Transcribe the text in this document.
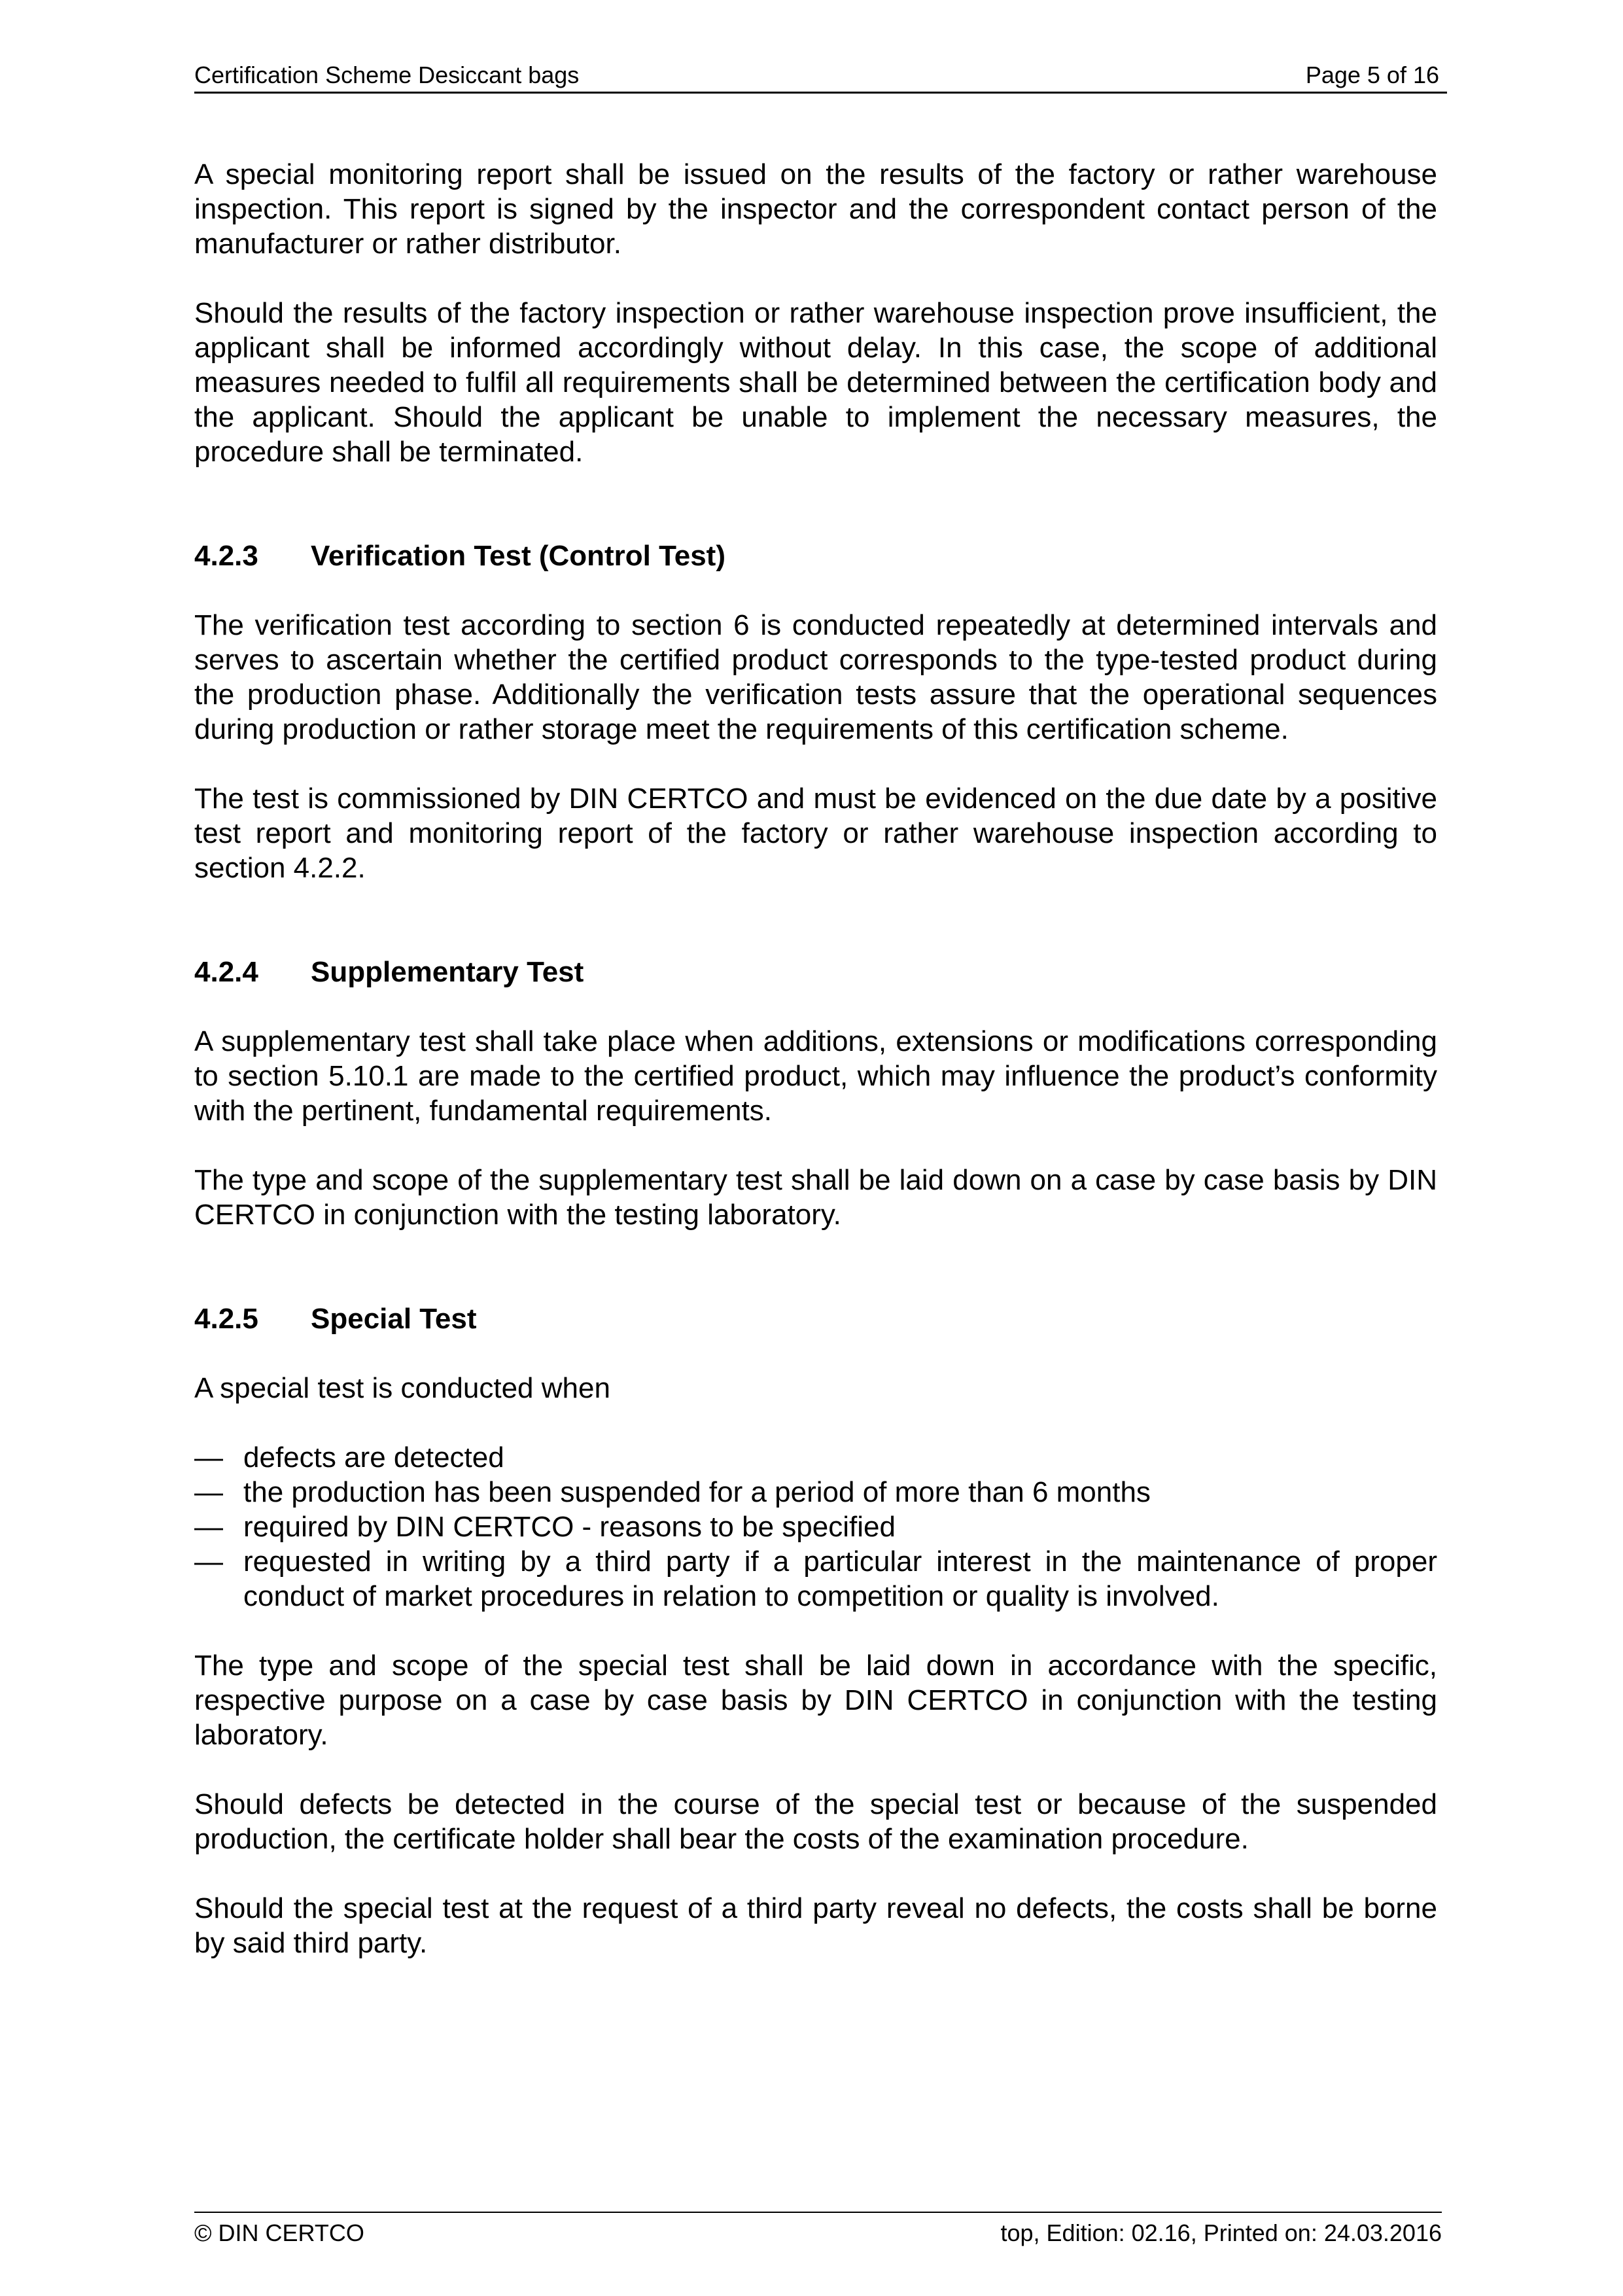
Certification Scheme Desiccant bags	Page 5 of 16

A special monitoring report shall be issued on the results of the factory or rather warehouse inspection. This report is signed by the inspector and the correspondent contact person of the manufacturer or rather distributor.

Should the results of the factory inspection or rather warehouse inspection prove insufficient, the applicant shall be informed accordingly without delay. In this case, the scope of additional measures needed to fulfil all requirements shall be determined between the certification body and the applicant. Should the applicant be unable to implement the necessary measures, the procedure shall be terminated.

4.2.3 Verification Test (Control Test)

The verification test according to section 6 is conducted repeatedly at determined intervals and serves to ascertain whether the certified product corresponds to the type-tested product during the production phase. Additionally the verification tests assure that the operational sequences during production or rather storage meet the requirements of this certification scheme.

The test is commissioned by DIN CERTCO and must be evidenced on the due date by a positive test report and monitoring report of the factory or rather warehouse inspection according to section 4.2.2.

4.2.4 Supplementary Test

A supplementary test shall take place when additions, extensions or modifications corresponding to section 5.10.1 are made to the certified product, which may influence the product’s conformity with the pertinent, fundamental requirements.

The type and scope of the supplementary test shall be laid down on a case by case basis by DIN CERTCO in conjunction with the testing laboratory.

4.2.5 Special Test

A special test is conducted when

— defects are detected
— the production has been suspended for a period of more than 6 months
— required by DIN CERTCO - reasons to be specified
— requested in writing by a third party if a particular interest in the maintenance of proper conduct of market procedures in relation to competition or quality is involved.

The type and scope of the special test shall be laid down in accordance with the specific, respective purpose on a case by case basis by DIN CERTCO in conjunction with the testing laboratory.

Should defects be detected in the course of the special test or because of the suspended production, the certificate holder shall bear the costs of the examination procedure.

Should the special test at the request of a third party reveal no defects, the costs shall be borne by said third party.

© DIN CERTCO	top, Edition: 02.16, Printed on: 24.03.2016
